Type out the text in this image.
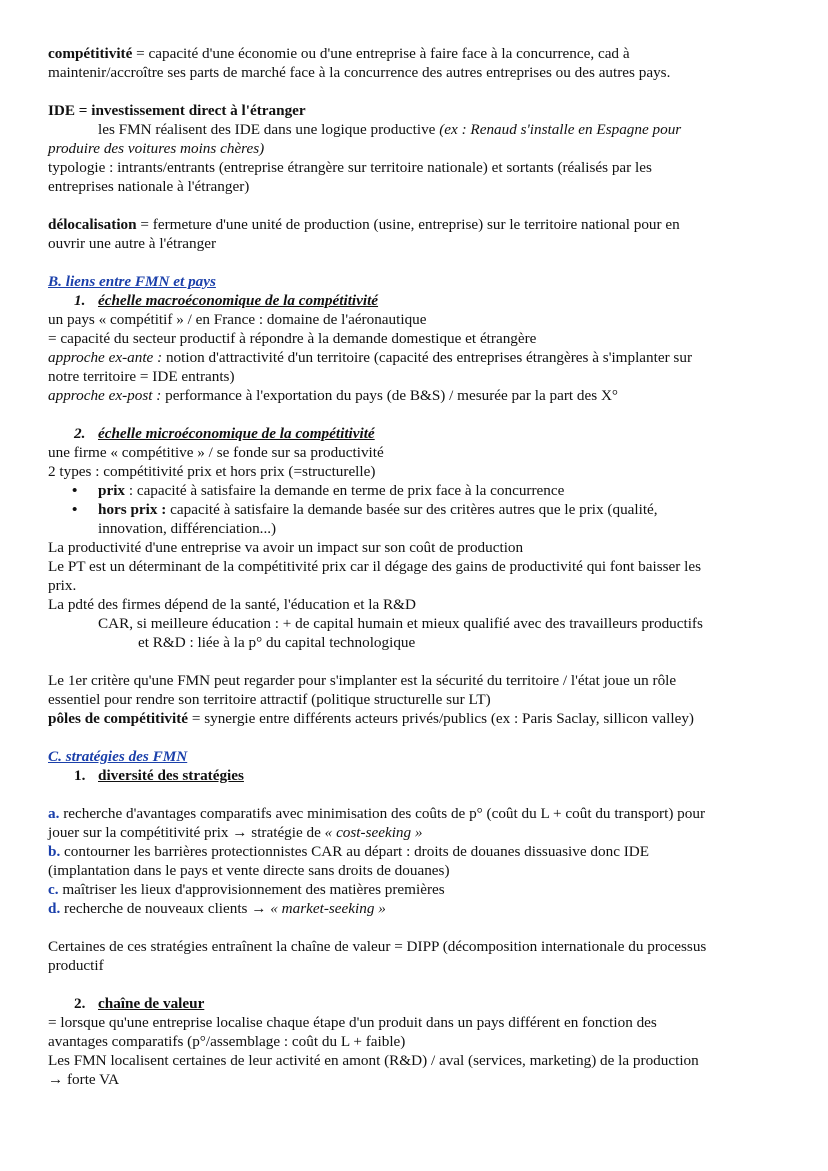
compétitivité = capacité d'une économie ou d'une entreprise à faire face à la concurrence, cad à

maintenir/accroître ses parts de marché face à la concurrence des autres entreprises ou des autres pays.

IDE = investissement direct à l'étranger

les FMN réalisent des IDE dans une logique productive (ex : Renaud s'installe en Espagne pour

produire des voitures moins chères)

typologie : intrants/entrants (entreprise étrangère sur territoire nationale) et sortants (réalisés par les

entreprises nationale à l'étranger)

délocalisation = fermeture d'une unité de production (usine, entreprise) sur le territoire national pour en

ouvrir une autre à l'étranger

B. liens entre FMN et pays

1. échelle macroéconomique de la compétitivité

un pays « compétitif » / en France : domaine de l'aéronautique

= capacité du secteur productif à répondre à la demande domestique et étrangère

approche ex-ante : notion d'attractivité d'un territoire (capacité des entreprises étrangères à s'implanter sur

notre territoire = IDE entrants)

approche ex-post : performance à l'exportation du pays (de B&S) / mesurée par la part des X°

2. échelle microéconomique de la compétitivité

une firme « compétitive » / se fonde sur sa productivité

2 types : compétitivité prix et hors prix (=structurelle)

• prix : capacité à satisfaire la demande en terme de prix face à la concurrence
• hors prix : capacité à satisfaire la demande basée sur des critères autres que le prix (qualité,
innovation, différenciation...)

La productivité d'une entreprise va avoir un impact sur son coût de production

Le PT est un déterminant de la compétitivité prix car il dégage des gains de productivité qui font baisser les

prix.

La pdté des firmes dépend de la santé, l'éducation et la R&D

CAR, si meilleure éducation : + de capital humain et mieux qualifié avec des travailleurs productifs

et R&D : liée à la p° du capital technologique

Le 1er critère qu'une FMN peut regarder pour s'implanter est la sécurité du territoire / l'état joue un rôle

essentiel pour rendre son territoire attractif (politique structurelle sur LT)

pôles de compétitivité = synergie entre différents acteurs privés/publics (ex : Paris Saclay, sillicon valley)

C. stratégies des FMN

1. diversité des stratégies

a. recherche d'avantages comparatifs avec minimisation des coûts de p° (coût du L + coût du transport) pour

jouer sur la compétitivité prix → stratégie de « cost-seeking »

b. contourner les barrières protectionnistes CAR au départ : droits de douanes dissuasive donc IDE

(implantation dans le pays et vente directe sans droits de douanes)

c. maîtriser les lieux d'approvisionnement des matières premières

d. recherche de nouveaux clients → « market-seeking »

Certaines de ces stratégies entraînent la chaîne de valeur = DIPP (décomposition internationale du processus

productif

2. chaîne de valeur

= lorsque qu'une entreprise localise chaque étape d'un produit dans un pays différent en fonction des

avantages comparatifs (p°/assemblage : coût du L + faible)

Les FMN localisent certaines de leur activité en amont (R&D) / aval (services, marketing) de la production

→ forte VA
